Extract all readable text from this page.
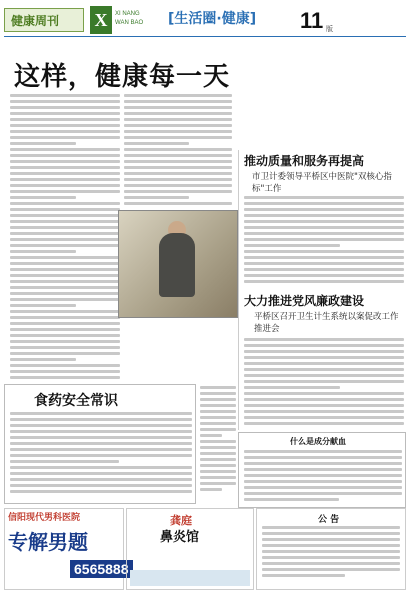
健康周刊 X	XI NANG
WAN BAO [生活圈·健康] 11 版
这样，健康每一天
推动质量和服务再提高
市卫计委领导平桥区中医院"双核心指标"工作
大力推进党风廉政建设
平桥区召开卫生计生系统以案促改工作推进会
食药安全常识
什么是成分献血
信阳现代男科医院
专解男题
6565888
龚庭
鼻炎馆
公 告
